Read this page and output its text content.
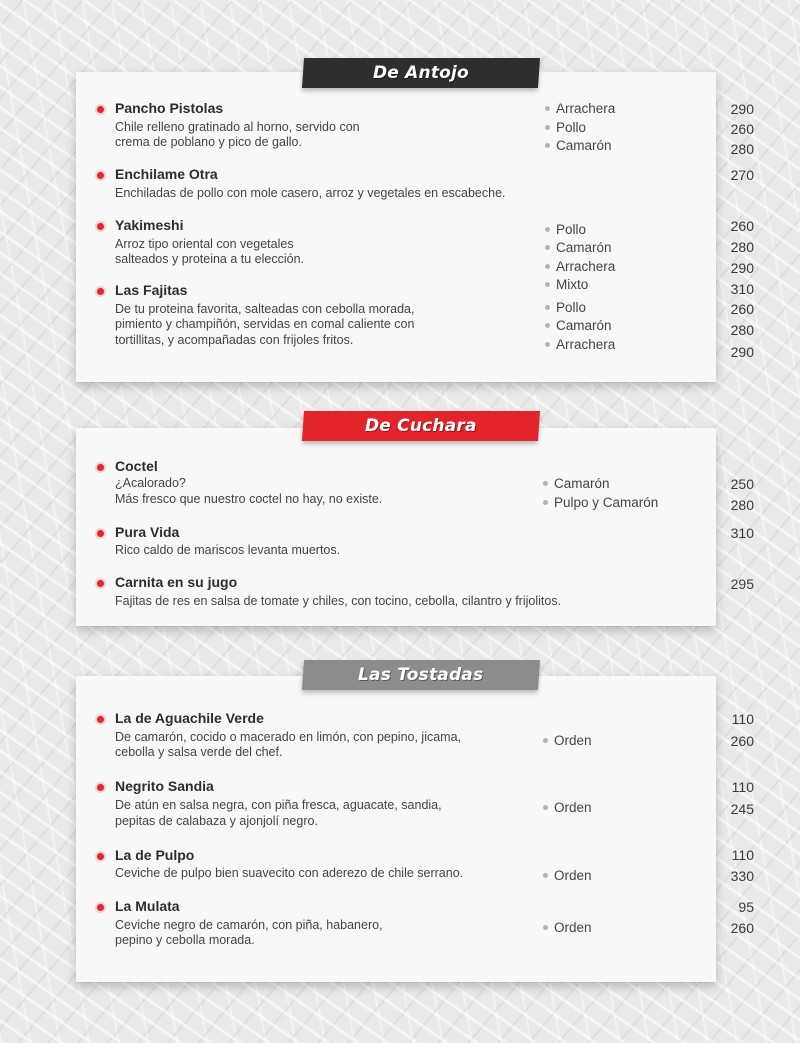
De Antojo
De Cuchara
Las Tostadas
Pancho Pistolas
Chile relleno gratinado al horno, servido con
crema de poblano y pico de gallo.
Arrachera
Pollo
Camarón
290
260
280
Enchilame Otra
Enchiladas de pollo con mole casero, arroz y vegetales en escabeche.
270
Yakimeshi
Arroz tipo oriental con vegetales
salteados y proteina a tu elección.
Pollo
Camarón
Arrachera
Mixto
260
280
290
310
Las Fajitas
De tu proteina favorita, salteadas con cebolla morada,
pimiento y champiñón, servidas en comal caliente con
tortillitas, y acompañadas con frijoles fritos.
Pollo
Camarón
Arrachera
260
280
290
Coctel
¿Acalorado?
Más fresco que nuestro coctel no hay, no existe.
Camarón
Pulpo y Camarón
250
280
Pura Vida
Rico caldo de mariscos levanta muertos.
310
Carnita en su jugo
Fajitas de res en salsa de tomate y chiles, con tocino, cebolla, cilantro y frijolitos.
295
La de Aguachile Verde
De camarón, cocido o macerado en limón, con pepino, jicama,
cebolla y salsa verde del chef.
Orden
110
260
Negrito Sandia
De atún en salsa negra, con piña fresca, aguacate, sandia,
pepitas de calabaza y ajonjolí negro.
Orden
110
245
La de Pulpo
Ceviche de pulpo bien suavecito con aderezo de chile serrano.	Orden
110
330
La Mulata
Ceviche negro de camarón, con piña, habanero,
pepino y cebolla morada.
Orden
95
260
